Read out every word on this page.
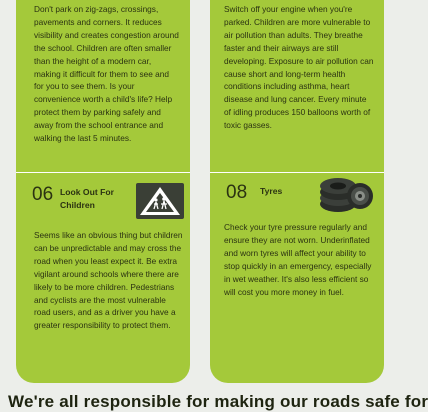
Don't park on zig-zags, crossings, pavements and corners. It reduces visibility and creates congestion around the school. Children are often smaller than the height of a modern car, making it difficult for them to see and for you to see them. Is your convenience worth a child's life? Help protect them by parking safely and away from the school entrance and walking the last 5 minutes.

06 Look Out For Children

Seems like an obvious thing but children can be unpredictable and may cross the road when you least expect it. Be extra vigilant around schools where there are likely to be more children. Pedestrians and cyclists are the most vulnerable road users, and as a driver you have a greater responsibility to protect them.

Switch off your engine when you're parked. Children are more vulnerable to air pollution than adults. They breathe faster and their airways are still developing. Exposure to air pollution can cause short and long-term health conditions including asthma, heart disease and lung cancer. Every minute of idling produces 150 balloons worth of toxic gasses.

08 Tyres

Check your tyre pressure regularly and ensure they are not worn. Underinflated and worn tyres will affect your ability to stop quickly in an emergency, especially in wet weather. It's also less efficient so will cost you more money in fuel.

We're all responsible for making our roads safe for
